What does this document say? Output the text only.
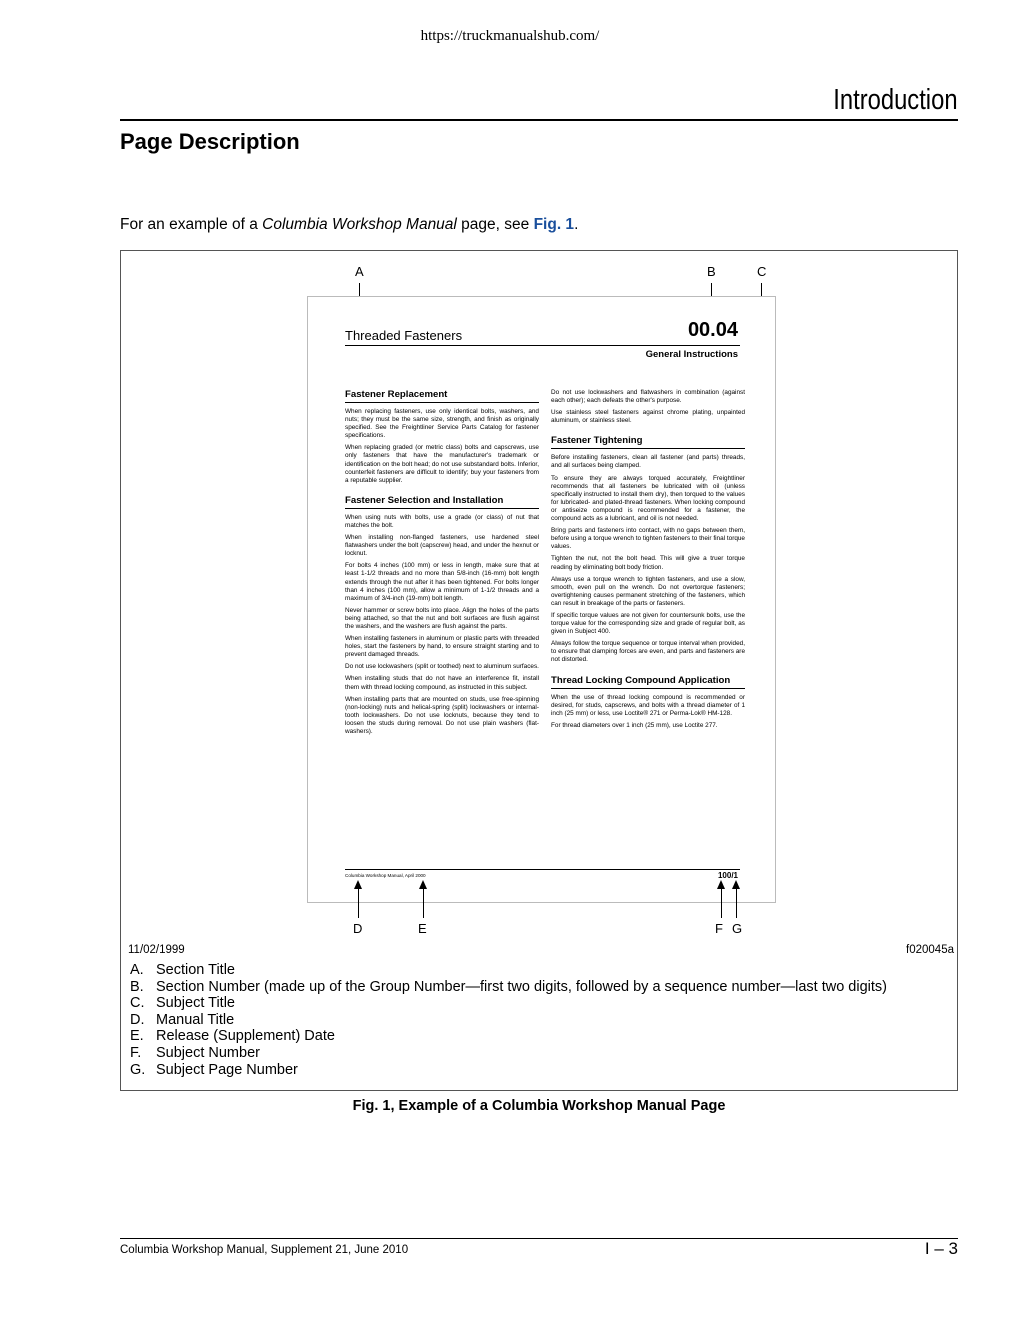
https://truckmanualshub.com/
Introduction
Page Description
For an example of a Columbia Workshop Manual page, see Fig. 1.
A	B	C
Threaded Fasteners	00.04
General Instructions
Fastener Replacement

When replacing fasteners, use only identical bolts, washers, and nuts; they must be the same size, strength, and finish as originally specified. See the Freightliner Service Parts Catalog for fastener specifications.

When replacing graded (or metric class) bolts and capscrews, use only fasteners that have the manufacturer's trademark or identification on the bolt head; do not use substandard bolts. Inferior, counterfeit fasteners are difficult to identify; buy your fasteners from a reputable supplier.

Fastener Selection and Installation

When using nuts with bolts, use a grade (or class) of nut that matches the bolt.

When installing non-flanged fasteners, use hardened steel flatwashers under the bolt (capscrew) head, and under the hexnut or locknut.

For bolts 4 inches (100 mm) or less in length, make sure that at least 1-1/2 threads and no more than 5/8-inch (16-mm) bolt length extends through the nut after it has been tightened. For bolts longer than 4 inches (100 mm), allow a minimum of 1-1/2 threads and a maximum of 3/4-inch (19-mm) bolt length.

Never hammer or screw bolts into place. Align the holes of the parts being attached, so that the nut and bolt surfaces are flush against the washers, and the washers are flush against the parts.

When installing fasteners in aluminum or plastic parts with threaded holes, start the fasteners by hand, to ensure straight starting and to prevent damaged threads.

Do not use lockwashers (split or toothed) next to aluminum surfaces.

When installing studs that do not have an interference fit, install them with thread locking compound, as instructed in this subject.

When installing parts that are mounted on studs, use free-spinning (non-locking) nuts and helical-spring (split) lockwashers or internal-tooth lockwashers. Do not use locknuts, because they tend to loosen the studs during removal. Do not use plain washers (flat-washers).

Do not use lockwashers and flatwashers in combination (against each other); each defeats the other's purpose.

Use stainless steel fasteners against chrome plating, unpainted aluminum, or stainless steel.

Fastener Tightening

Before installing fasteners, clean all fastener (and parts) threads, and all surfaces being clamped.

To ensure they are always torqued accurately, Freightliner recommends that all fasteners be lubricated with oil (unless specifically instructed to install them dry), then torqued to the values for lubricated- and plated-thread fasteners. When locking compound or antiseize compound is recommended for a fastener, the compound acts as a lubricant, and oil is not needed.

Bring parts and fasteners into contact, with no gaps between them, before using a torque wrench to tighten fasteners to their final torque values.

Tighten the nut, not the bolt head. This will give a truer torque reading by eliminating bolt body friction.

Always use a torque wrench to tighten fasteners, and use a slow, smooth, even pull on the wrench. Do not overtorque fasteners; overtightening causes permanent stretching of the fasteners, which can result in breakage of the parts or fasteners.

If specific torque values are not given for countersunk bolts, use the torque value for the corresponding size and grade of regular bolt, as given in Subject 400.

Always follow the torque sequence or torque interval when provided, to ensure that clamping forces are even, and parts and fasteners are not distorted.

Thread Locking Compound Application

When the use of thread locking compound is recommended or desired, for studs, capscrews, and bolts with a thread diameter of 1 inch (25 mm) or less, use Loctite® 271 or Perma-Lok® HM-128.

For thread diameters over 1 inch (25 mm), use Loctite 277.

Columbia Workshop Manual, April 2000	100/1
D	E	F G
11/02/1999	f020045a
A. Section Title
B. Section Number (made up of the Group Number—first two digits, followed by a sequence number—last two digits)
C. Subject Title
D. Manual Title
E. Release (Supplement) Date
F.	Subject Number
G. Subject Page Number
Fig. 1, Example of a Columbia Workshop Manual Page
Columbia Workshop Manual, Supplement 21, June 2010	I – 3
